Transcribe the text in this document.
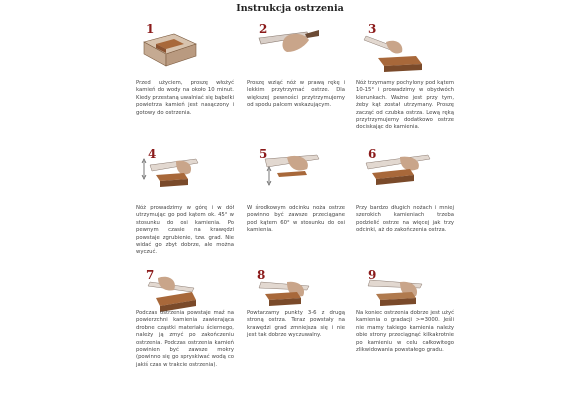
Instrukcja ostrzenia
1
Przed użyciem, proszę włożyć kamień do wody na około 10 minut. Kiedy przestaną uwalniać się bąbelki powietrza kamień jest nasączony i gotowy do ostrzenia.
2
Proszę wziąć nóż w prawą rękę i lekkim przytrzymać ostrze. Dla większej pewności przytrzymujemy od spodu palcem wskazującym.
3
Nóż trzymamy pochylony pod kątem 10-15° i prowadzimy w obydwóch kierunkach. Ważne jest przy tym, żeby kąt został utrzymany. Proszę zacząć od czubka ostrza. Lewą ręką przytrzymujemy dodatkowo ostrze dociskając do kamienia.
4
Nóż prowadzimy w górę i w dół utrzymując go pod kątem ok. 45° w stosunku do osi kamienia. Po pewnym czasie na krawędzi powstaje zgrubienie, tzw. grad. Nie widać go zbyt dobrze, ale można wyczuć.
5
W środkowym odcinku noża ostrze powinno być zawsze przeciągane pod kątem 60° w stosunku do osi kamienia.
6
Przy bardzo długich nożach i mniej szerokich kamieniach trzeba podzielić ostrze na więcej jak trzy odcinki, aż do zakończenia ostrza.
7
Podczas ostrzenia powstaje maź na powierzchni kamienia zawierająca drobne cząstki materiału ściernego, należy ją zmyć po zakończeniu ostrzenia. Podczas ostrzenia kamień powinien być zawsze mokry (powinno się go spryskiwać wodą co jakiś czas w trakcie ostrzenia).
8
Powtarzamy punkty 3-6 z drugą stroną ostrza. Teraz powstały na krawędzi grad zmniejsza się i nie jest tak dobrze wyczuwalny.
9
Na koniec ostrzenia dobrze jest użyć kamienia o gradacji >=3000. Jeśli nie mamy takiego kamienia należy obie strony przeciągnąć kilkakrotnie po kamieniu w celu całkowitego zlikwidowania powstałego gradu.
